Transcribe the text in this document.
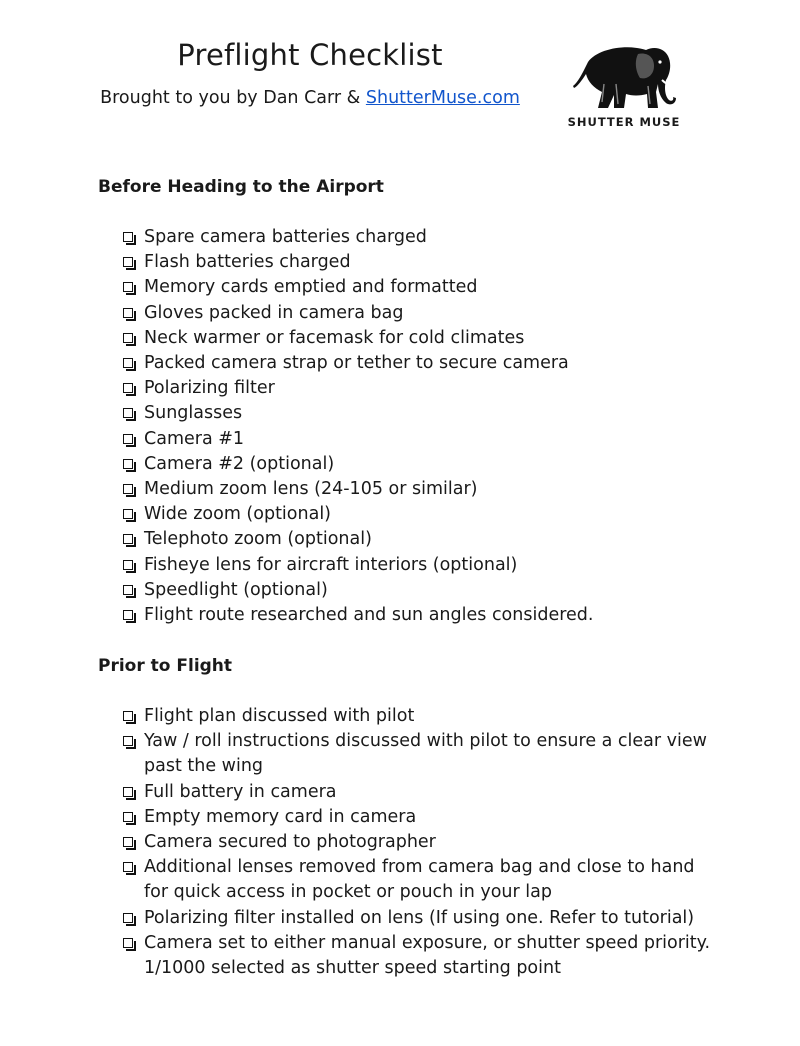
Preflight Checklist
Brought to you by Dan Carr & ShutterMuse.com
SHUTTER MUSE
Before Heading to the Airport
Spare camera batteries charged
Flash batteries charged
Memory cards emptied and formatted
Gloves packed in camera bag
Neck warmer or facemask for cold climates
Packed camera strap or tether to secure camera
Polarizing filter
Sunglasses
Camera #1
Camera #2 (optional)
Medium zoom lens (24-105 or similar)
Wide zoom (optional)
Telephoto zoom (optional)
Fisheye lens for aircraft interiors (optional)
Speedlight (optional)
Flight route researched and sun angles considered.
Prior to Flight
Flight plan discussed with pilot
Yaw / roll instructions discussed with pilot to ensure a clear view past the wing
Full battery in camera
Empty memory card in camera
Camera secured to photographer
Additional lenses removed from camera bag and close to hand for quick access in pocket or pouch in your lap
Polarizing filter installed on lens (If using one. Refer to tutorial)
Camera set to either manual exposure, or shutter speed priority. 1/1000 selected as shutter speed starting point
